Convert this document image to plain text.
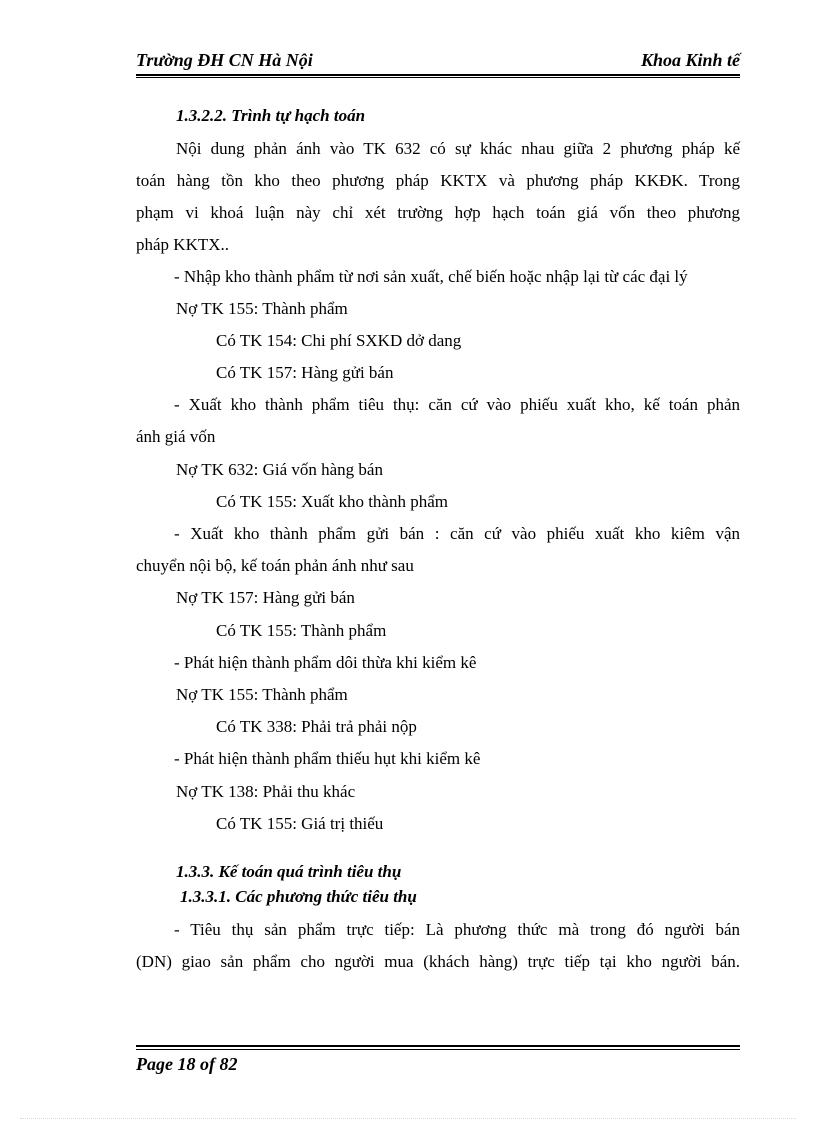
Trường ĐH CN Hà Nội	Khoa Kinh tế
1.3.2.2. Trình tự hạch toán
Nội dung phản ánh vào TK 632 có sự khác nhau giữa 2 phương pháp kế
toán hàng tồn kho theo phương pháp KKTX và phương pháp KKĐK. Trong
phạm vi khoá luận này chỉ xét trường hợp hạch toán giá vốn theo phương
pháp KKTX..
- Nhập kho thành phẩm từ nơi sản xuất, chế biến hoặc nhập lại từ các đại lý
Nợ TK 155: Thành phẩm
Có TK 154: Chi phí SXKD dở dang
Có TK 157: Hàng gửi bán
- Xuất kho thành phẩm tiêu thụ: căn cứ vào phiếu xuất kho, kế toán phản
ánh giá vốn
Nợ TK 632: Giá vốn hàng bán
Có TK 155: Xuất kho thành phẩm
- Xuất kho thành phẩm gửi bán : căn cứ vào phiếu xuất kho kiêm vận
chuyển nội bộ, kế toán phản ánh như sau
Nợ TK 157: Hàng gửi bán
Có TK 155: Thành phẩm
- Phát hiện thành phẩm dôi thừa khi kiểm kê
Nợ TK 155: Thành phẩm
Có TK 338: Phải trả phải nộp
- Phát hiện thành phẩm thiếu hụt khi kiểm kê
Nợ TK 138: Phải thu khác
Có TK 155: Giá trị thiếu
1.3.3. Kế toán quá trình tiêu thụ
1.3.3.1. Các phương thức tiêu thụ
- Tiêu thụ sản phẩm trực tiếp: Là phương thức mà trong đó người bán
(DN) giao sản phẩm cho người mua (khách hàng) trực tiếp tại kho người bán.
Page 18 of 82
